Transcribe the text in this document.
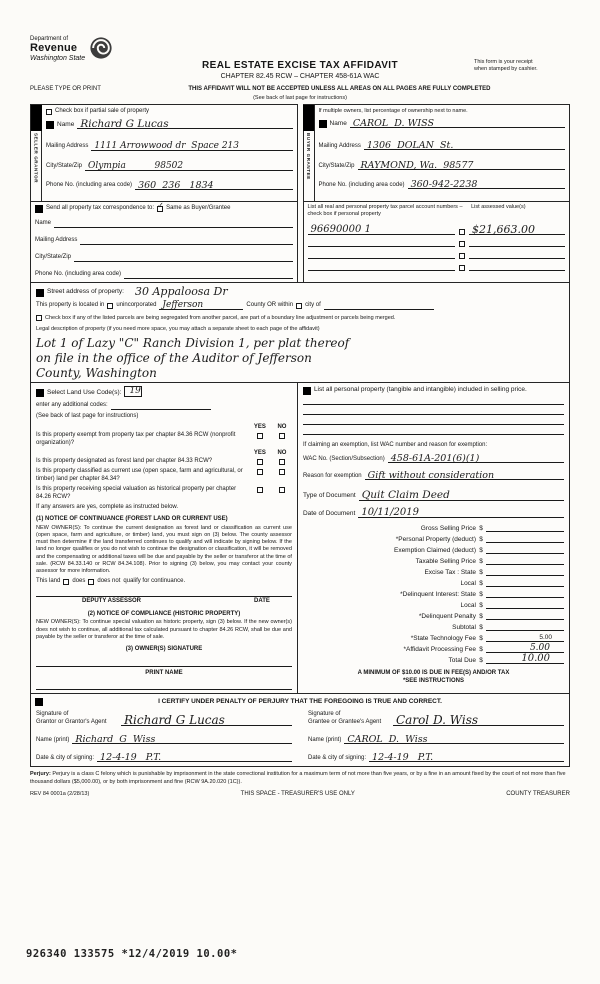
Department of
Revenue
Washington State
REAL ESTATE EXCISE TAX AFFIDAVIT
CHAPTER 82.45 RCW – CHAPTER 458-61A WAC
This form is your receipt
when stamped by cashier.
PLEASE TYPE OR PRINT	THIS AFFIDAVIT WILL NOT BE ACCEPTED UNLESS ALL AREAS ON ALL PAGES ARE FULLY COMPLETED
(See back of last page for instructions)
SELLER GRANTOR
Check box if partial sale of property
Name Richard G Lucas
Mailing Address 1111 Arrowwood dr  Space 213
City/State/Zip Olympia          98502
Phone No. (including area code) 360  236   1834
BUYER GRANTEE
If multiple owners, list percentage of ownership next to name.
Name CAROL  D. WISS
Mailing Address 1306  DOLAN  St.
City/State/Zip RAYMOND, Wa.  98577
Phone No. (including area code) 360-942-2238
Send all property tax correspondence to: ✓ Same as Buyer/Grantee
Name
Mailing Address
City/State/Zip
Phone No. (including area code)
List all real and personal property tax parcel account numbers – check box if personal property
List assessed value(s)
96690000 1	$21,663.00
Street address of property: 30 Appaloosa Dr
This property is located in unincorporated Jefferson	County OR within city of
Check box if any of the listed parcels are being segregated from another parcel, are part of a boundary line adjustment or parcels being merged.
Legal description of property (if you need more space, you may attach a separate sheet to each page of the affidavit)
Lot 1 of Lazy "C" Ranch Division 1, per plat thereof
on file in the office of the Auditor of Jefferson
County, Washington
Select Land Use Code(s): 19
enter any additional codes:
(See back of last page for instructions)
YES	NO
Is this property exempt from property tax per chapter 84.36 RCW (nonprofit organization)?
YES	NO
Is this property designated as forest land per chapter 84.33 RCW?
Is this property classified as current use (open space, farm and agricultural, or timber) land per chapter 84.34?
Is this property receiving special valuation as historical property per chapter 84.26 RCW?
If any answers are yes, complete as instructed below.
(1) NOTICE OF CONTINUANCE (FOREST LAND OR CURRENT USE)
NEW OWNER(S): To continue the current designation as forest land or classification as current use (open space, farm and agriculture, or timber) land, you must sign on (3) below. The county assessor must then determine if the land transferred continues to qualify and will indicate by signing below. If the land no longer qualifies or you do not wish to continue the designation or classification, it will be removed and the compensating or additional taxes will be due and payable by the seller or transferor at the time of sale. (RCW 84.33.140 or RCW 84.34.108). Prior to signing (3) below, you may contact your county assessor for more information.
This land does does not qualify for continuance.
DEPUTY ASSESSOR	DATE
(2) NOTICE OF COMPLIANCE (HISTORIC PROPERTY)
NEW OWNER(S): To continue special valuation as historic property, sign (3) below. If the new owner(s) does not wish to continue, all additional tax calculated pursuant to chapter 84.26 RCW, shall be due and payable by the seller or transferor at the time of sale.
(3) OWNER(S) SIGNATURE
PRINT NAME
List all personal property (tangible and intangible) included in selling price.
If claiming an exemption, list WAC number and reason for exemption:
WAC No. (Section/Subsection) 458-61A-201(6)(1)
Reason for exemption Gift without consideration
Type of Document Quit Claim Deed
Date of Document 10/11/2019
Gross Selling Price $
*Personal Property (deduct) $
Exemption Claimed (deduct) $
Taxable Selling Price $
Excise Tax : State $
Local $
*Delinquent Interest: State $
Local $
*Delinquent Penalty $
Subtotal $
*State Technology Fee $	5.00
*Affidavit Processing Fee $	5.00
Total Due $	10.00
A MINIMUM OF $10.00 IS DUE IN FEE(S) AND/OR TAX
*SEE INSTRUCTIONS
I CERTIFY UNDER PENALTY OF PERJURY THAT THE FOREGOING IS TRUE AND CORRECT.
Signature of
Grantor or Grantor's Agent	Richard G Lucas
Name (print) Richard  G  Wiss
Date & city of signing: 12-4-19   P.T.
Signature of
Grantee or Grantee's Agent	Carol D. Wiss
Name (print) CAROL  D.  Wiss
Date & city of signing: 12-4-19   P.T.
Perjury: Perjury is a class C felony which is punishable by imprisonment in the state correctional institution for a maximum term of not more than five years, or by a fine in an amount fixed by the court of not more than five thousand dollars ($5,000.00), or by both imprisonment and fine (RCW 9A.20.020 (1C)).
REV 84 0001a (2/28/13)	THIS SPACE - TREASURER'S USE ONLY	COUNTY TREASURER
926340 133575 *12/4/2019 10.00*
